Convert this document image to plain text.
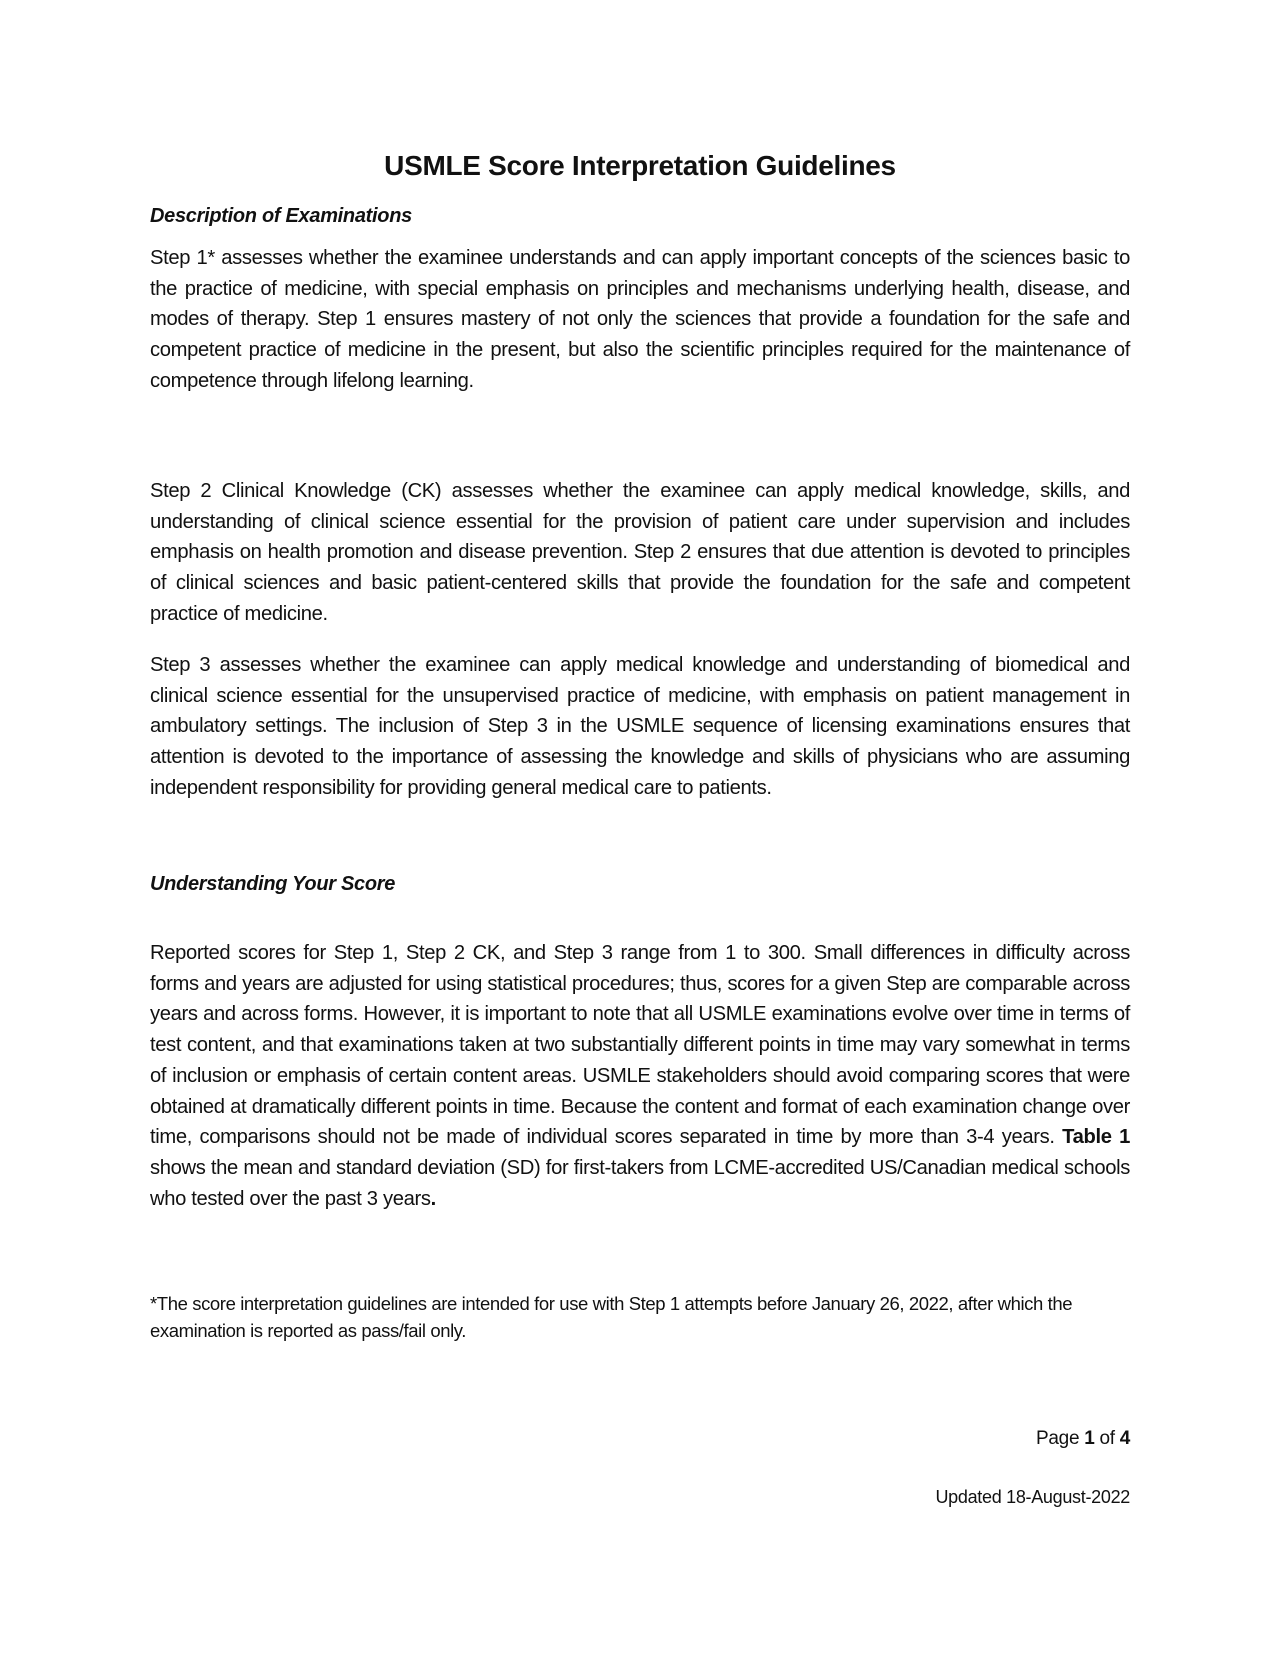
USMLE Score Interpretation Guidelines
Description of Examinations

Step 1* assesses whether the examinee understands and can apply important concepts of the sciences basic to the practice of medicine, with special emphasis on principles and mechanisms underlying health, disease, and modes of therapy. Step 1 ensures mastery of not only the sciences that provide a foundation for the safe and competent practice of medicine in the present, but also the scientific principles required for the maintenance of competence through lifelong learning.

Step 2 Clinical Knowledge (CK) assesses whether the examinee can apply medical knowledge, skills, and understanding of clinical science essential for the provision of patient care under supervision and includes emphasis on health promotion and disease prevention. Step 2 ensures that due attention is devoted to principles of clinical sciences and basic patient-centered skills that provide the foundation for the safe and competent practice of medicine.

Step 3 assesses whether the examinee can apply medical knowledge and understanding of biomedical and clinical science essential for the unsupervised practice of medicine, with emphasis on patient management in ambulatory settings. The inclusion of Step 3 in the USMLE sequence of licensing examinations ensures that attention is devoted to the importance of assessing the knowledge and skills of physicians who are assuming independent responsibility for providing general medical care to patients.

Understanding Your Score

Reported scores for Step 1, Step 2 CK, and Step 3 range from 1 to 300. Small differences in difficulty across forms and years are adjusted for using statistical procedures; thus, scores for a given Step are comparable across years and across forms. However, it is important to note that all USMLE examinations evolve over time in terms of test content, and that examinations taken at two substantially different points in time may vary somewhat in terms of inclusion or emphasis of certain content areas. USMLE stakeholders should avoid comparing scores that were obtained at dramatically different points in time. Because the content and format of each examination change over time, comparisons should not be made of individual scores separated in time by more than 3-4 years. Table 1 shows the mean and standard deviation (SD) for first-takers from LCME-accredited US/Canadian medical schools who tested over the past 3 years.

*The score interpretation guidelines are intended for use with Step 1 attempts before January 26, 2022, after which the examination is reported as pass/fail only.
Page 1 of 4
Updated 18-August-2022
